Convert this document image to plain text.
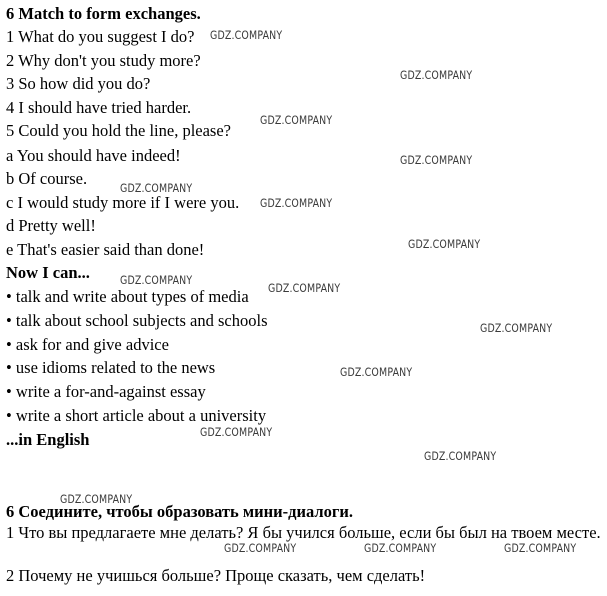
6 Match to form exchanges.
1 What do you suggest I do?
2 Why don't you study more?
3 So how did you do?
4 I should have tried harder.
5 Could you hold the line, please?
a You should have indeed!
b Of course.
c I would study more if I were you.
d Pretty well!
e That's easier said than done!
Now I can...
• talk and write about types of media
• talk about school subjects and schools
• ask for and give advice
• use idioms related to the news
• write a for-and-against essay
• write a short article about a university
...in English
6 Соедините, чтобы образовать мини-диалоги.
1 Что вы предлагаете мне делать? Я бы учился больше, если бы был на твоем месте.
2 Почему не учишься больше? Проще сказать, чем сделать!
GDZ.COMPANY
GDZ.COMPANY
GDZ.COMPANY
GDZ.COMPANY
GDZ.COMPANY
GDZ.COMPANY
GDZ.COMPANY
GDZ.COMPANY
GDZ.COMPANY
GDZ.COMPANY
GDZ.COMPANY
GDZ.COMPANY
GDZ.COMPANY
GDZ.COMPANY
GDZ.COMPANY	GDZ.COMPANY	GDZ.COMPANY
